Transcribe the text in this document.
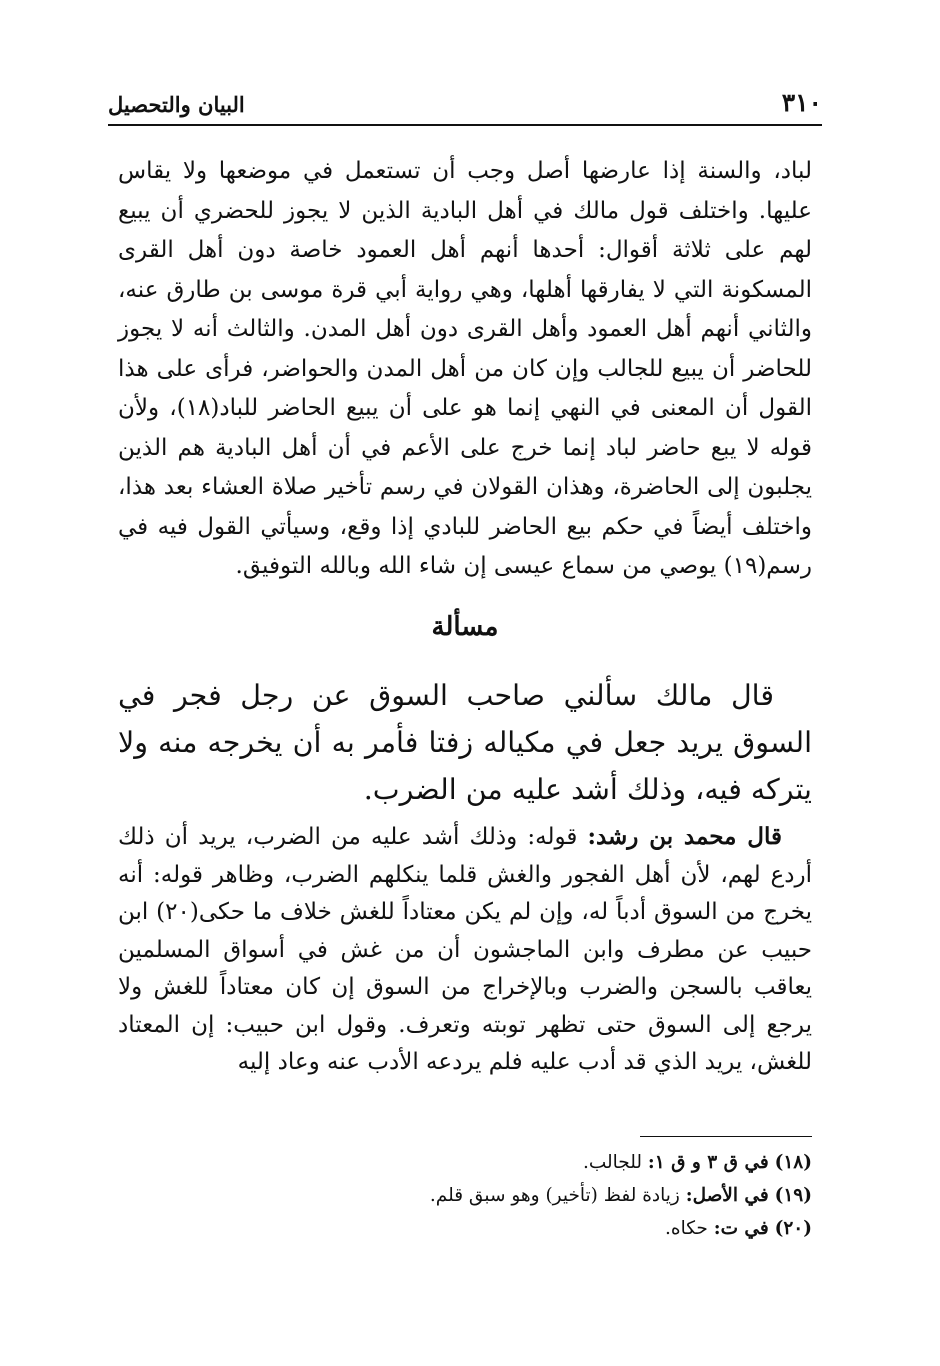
٣١٠
البيان والتحصيل

لباد، والسنة إذا عارضها أصل وجب أن تستعمل في موضعها ولا يقاس عليها. واختلف قول مالك في أهل البادية الذين لا يجوز للحضري أن يبيع لهم على ثلاثة أقوال: أحدها أنهم أهل العمود خاصة دون أهل القرى المسكونة التي لا يفارقها أهلها، وهي رواية أبي قرة موسى بن طارق عنه، والثاني أنهم أهل العمود وأهل القرى دون أهل المدن. والثالث أنه لا يجوز للحاضر أن يبيع للجالب وإن كان من أهل المدن والحواضر، فرأى على هذا القول أن المعنى في النهي إنما هو على أن يبيع الحاضر للباد(١٨)، ولأن قوله لا يبع حاضر لباد إنما خرج على الأعم في أن أهل البادية هم الذين يجلبون إلى الحاضرة، وهذان القولان في رسم تأخير صلاة العشاء بعد هذا، واختلف أيضاً في حكم بيع الحاضر للبادي إذا وقع، وسيأتي القول فيه في رسم(١٩) يوصي من سماع عيسى إن شاء الله وبالله التوفيق.

مسألة

قال مالك سألني صاحب السوق عن رجل فجر في السوق يريد جعل في مكياله زفتا فأمر به أن يخرجه منه ولا يتركه فيه، وذلك أشد عليه من الضرب.

قال محمد بن رشد: قوله: وذلك أشد عليه من الضرب، يريد أن ذلك أردع لهم، لأن أهل الفجور والغش قلما ينكلهم الضرب، وظاهر قوله: أنه يخرج من السوق أدباً له، وإن لم يكن معتاداً للغش خلاف ما حكى(٢٠) ابن حبيب عن مطرف وابن الماجشون أن من غش في أسواق المسلمين يعاقب بالسجن والضرب وبالإخراج من السوق إن كان معتاداً للغش ولا يرجع إلى السوق حتى تظهر توبته وتعرف. وقول ابن حبيب: إن المعتاد للغش، يريد الذي قد أدب عليه فلم يردعه الأدب عنه وعاد إليه

(١٨) في ق ٣ و ق ١: للجالب.
(١٩) في الأصل: زيادة لفظ (تأخير) وهو سبق قلم.
(٢٠) في ت: حكاه.
